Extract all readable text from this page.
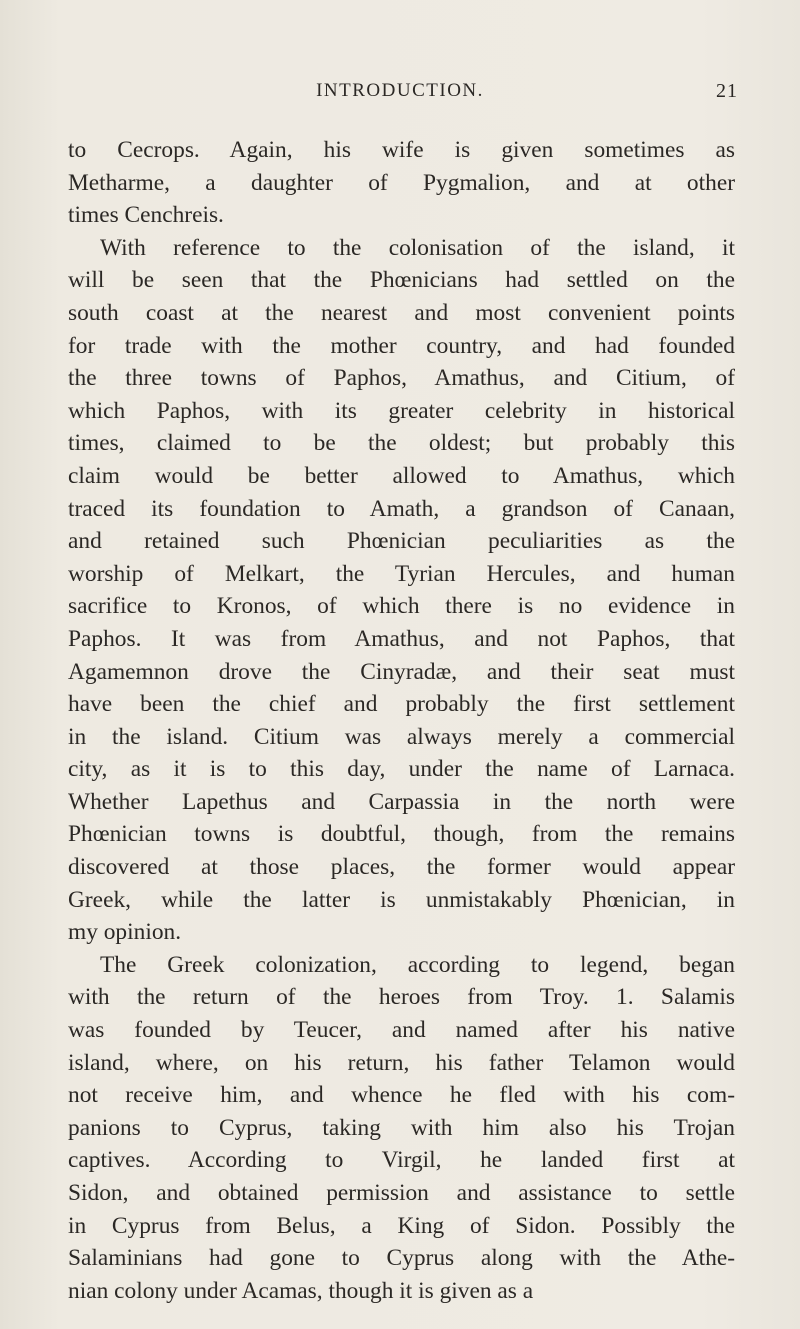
INTRODUCTION.	21
to Cecrops. Again, his wife is given sometimes as
Metharme, a daughter of Pygmalion, and at other
times Cenchreis.
With reference to the colonisation of the island, it
will be seen that the Phœnicians had settled on the
south coast at the nearest and most convenient points
for trade with the mother country, and had founded
the three towns of Paphos, Amathus, and Citium, of
which Paphos, with its greater celebrity in historical
times, claimed to be the oldest; but probably this
claim would be better allowed to Amathus, which
traced its foundation to Amath, a grandson of Canaan,
and retained such Phœnician peculiarities as the
worship of Melkart, the Tyrian Hercules, and human
sacrifice to Kronos, of which there is no evidence in
Paphos. It was from Amathus, and not Paphos, that
Agamemnon drove the Cinyradæ, and their seat must
have been the chief and probably the first settlement
in the island. Citium was always merely a commercial
city, as it is to this day, under the name of Larnaca.
Whether Lapethus and Carpassia in the north were
Phœnician towns is doubtful, though, from the remains
discovered at those places, the former would appear
Greek, while the latter is unmistakably Phœnician, in
my opinion.
The Greek colonization, according to legend, began
with the return of the heroes from Troy. 1. Salamis
was founded by Teucer, and named after his native
island, where, on his return, his father Telamon would
not receive him, and whence he fled with his com-
panions to Cyprus, taking with him also his Trojan
captives. According to Virgil, he landed first at
Sidon, and obtained permission and assistance to settle
in Cyprus from Belus, a King of Sidon. Possibly the
Salaminians had gone to Cyprus along with the Athe-
nian colony under Acamas, though it is given as a
